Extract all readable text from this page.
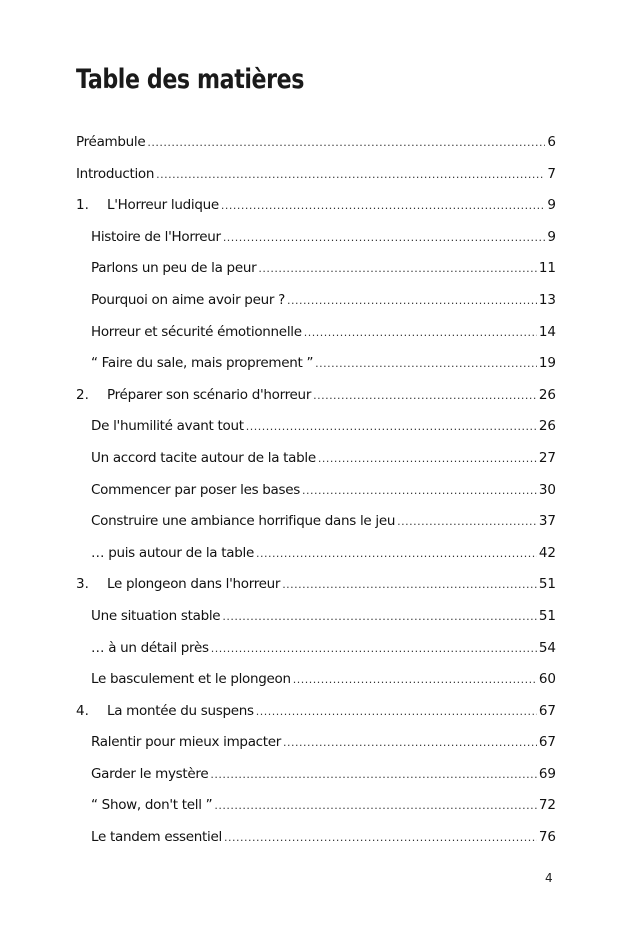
Table des matières
Préambule .....	6
Introduction .....	7
1.	L'Horreur ludique .....	9
Histoire de l'Horreur .....	9
Parlons un peu de la peur .....	11
Pourquoi on aime avoir peur ? .....	13
Horreur et sécurité émotionnelle .....	14
“ Faire du sale, mais proprement ” .....	19
2.	Préparer son scénario d'horreur .....	26
De l'humilité avant tout .....	26
Un accord tacite autour de la table .....	27
Commencer par poser les bases .....	30
Construire une ambiance horrifique dans le jeu .....	37
… puis autour de la table .....	42
3.	Le plongeon dans l'horreur .....	51
Une situation stable .....	51
… à un détail près .....	54
Le basculement et le plongeon .....	60
4.	La montée du suspens .....	67
Ralentir pour mieux impacter .....	67
Garder le mystère .....	69
“ Show, don't tell ” .....	72
Le tandem essentiel .....	76
4
